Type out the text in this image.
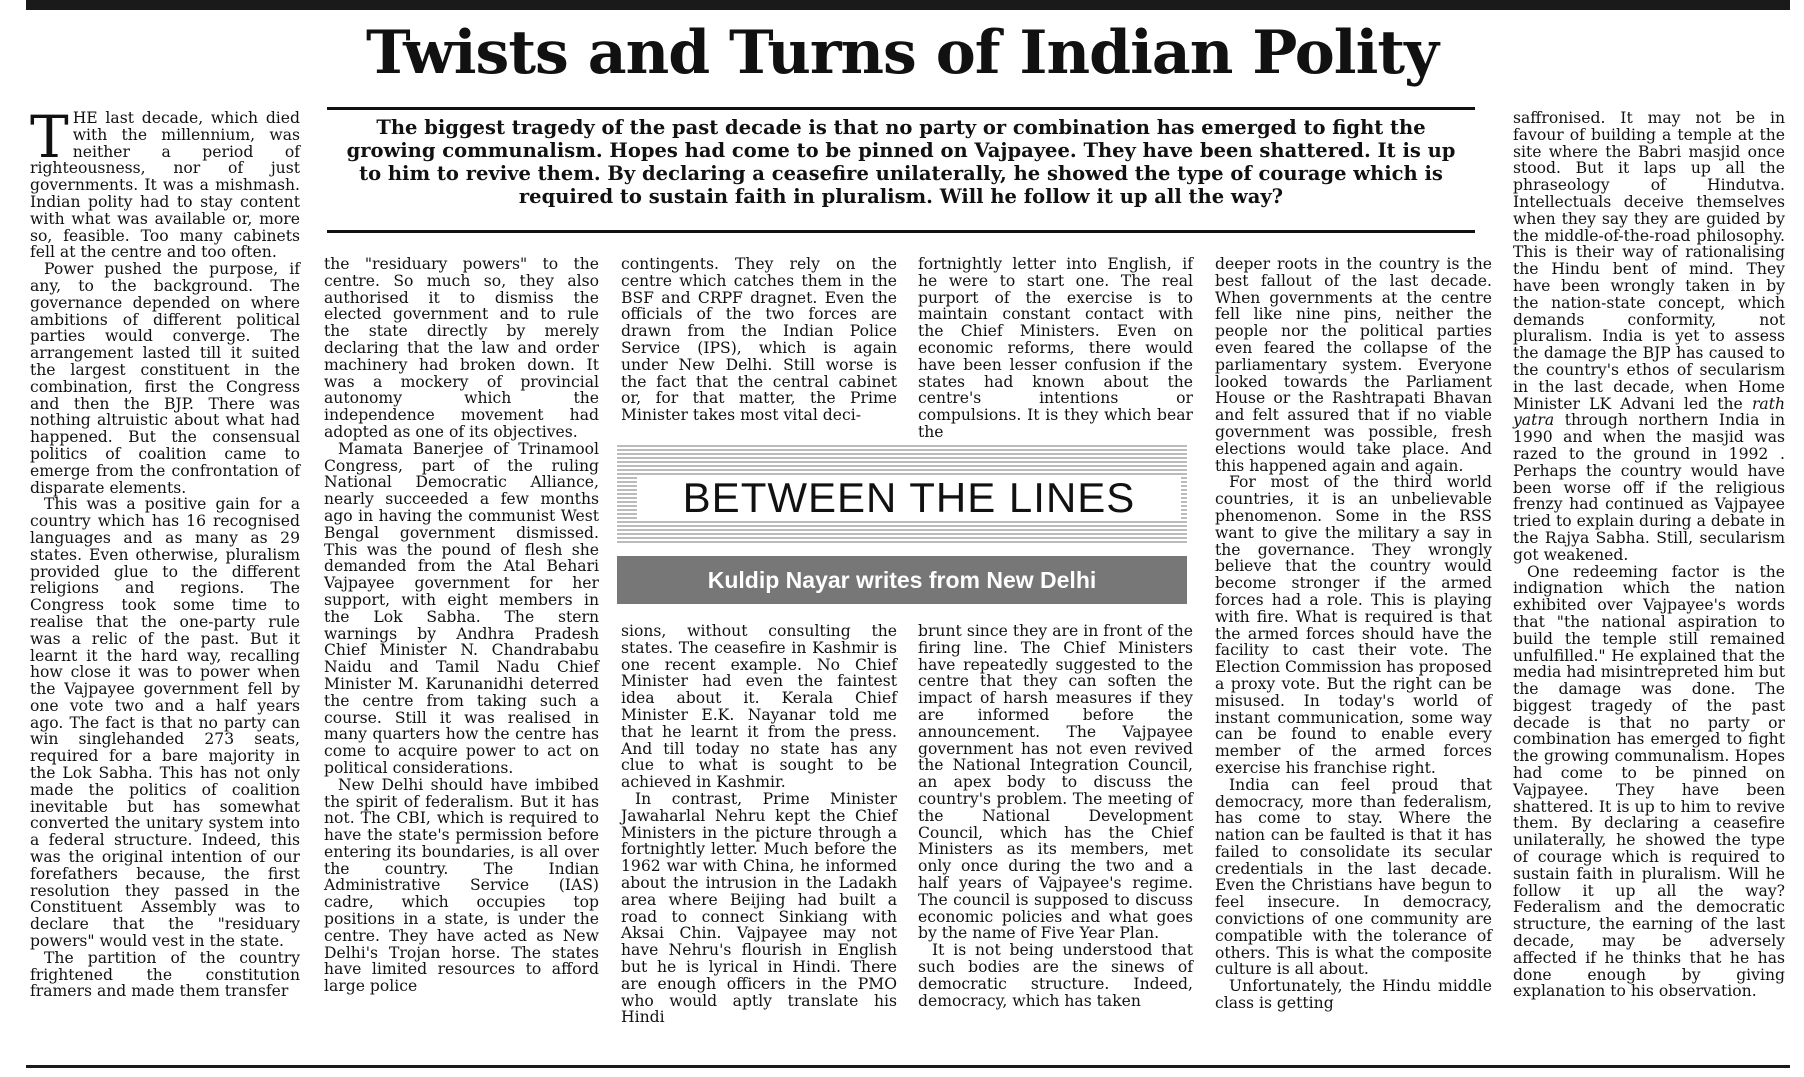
Twists and Turns of Indian Polity

The biggest tragedy of the past decade is that no party or combination has emerged to fight the growing communalism. Hopes had come to be pinned on Vajpayee. They have been shattered. It is up to him to revive them. By declaring a ceasefire unilaterally, he showed the type of courage which is required to sustain faith in pluralism. Will he follow it up all the way?

THE last decade, which died with the millennium, was neither a period of righteousness, nor of just governments. It was a mishmash. Indian polity had to stay content with what was available or, more so, feasible. Too many cabinets fell at the centre and too often.

Power pushed the purpose, if any, to the background. The governance depended on where ambitions of different political parties would converge. The arrangement lasted till it suited the largest constituent in the combination, first the Congress and then the BJP. There was nothing altruistic about what had happened. But the consensual politics of coalition came to emerge from the confrontation of disparate elements.

This was a positive gain for a country which has 16 recognised languages and as many as 29 states. Even otherwise, pluralism provided glue to the different religions and regions. The Congress took some time to realise that the one-party rule was a relic of the past. But it learnt it the hard way, recalling how close it was to power when the Vajpayee government fell by one vote two and a half years ago. The fact is that no party can win singlehanded 273 seats, required for a bare majority in the Lok Sabha. This has not only made the politics of coalition inevitable but has somewhat converted the unitary system into a federal structure. Indeed, this was the original intention of our forefathers because, the first resolution they passed in the Constituent Assembly was to declare that the "residuary powers" would vest in the state.

The partition of the country frightened the constitution framers and made them transfer

the "residuary powers" to the centre. So much so, they also authorised it to dismiss the elected government and to rule the state directly by merely declaring that the law and order machinery had broken down. It was a mockery of provincial autonomy which the independence movement had adopted as one of its objectives.

Mamata Banerjee of Trinamool Congress, part of the ruling National Democratic Alliance, nearly succeeded a few months ago in having the communist West Bengal government dismissed. This was the pound of flesh she demanded from the Atal Behari Vajpayee government for her support, with eight members in the Lok Sabha. The stern warnings by Andhra Pradesh Chief Minister N. Chandrababu Naidu and Tamil Nadu Chief Minister M. Karunanidhi deterred the centre from taking such a course. Still it was realised in many quarters how the centre has come to acquire power to act on political considerations.

New Delhi should have imbibed the spirit of federalism. But it has not. The CBI, which is required to have the state's permission before entering its boundaries, is all over the country. The Indian Administrative Service (IAS) cadre, which occupies top positions in a state, is under the centre. They have acted as New Delhi's Trojan horse. The states have limited resources to afford large police

contingents. They rely on the centre which catches them in the BSF and CRPF dragnet. Even the officials of the two forces are drawn from the Indian Police Service (IPS), which is again under New Delhi. Still worse is the fact that the central cabinet or, for that matter, the Prime Minister takes most vital deci-

fortnightly letter into English, if he were to start one. The real purport of the exercise is to maintain constant contact with the Chief Ministers. Even on economic reforms, there would have been lesser confusion if the states had known about the centre's intentions or compulsions. It is they which bear the

BETWEEN THE LINES
Kuldip Nayar writes from New Delhi

sions, without consulting the states. The ceasefire in Kashmir is one recent example. No Chief Minister had even the faintest idea about it. Kerala Chief Minister E.K. Nayanar told me that he learnt it from the press. And till today no state has any clue to what is sought to be achieved in Kashmir.

In contrast, Prime Minister Jawaharlal Nehru kept the Chief Ministers in the picture through a fortnightly letter. Much before the 1962 war with China, he informed about the intrusion in the Ladakh area where Beijing had built a road to connect Sinkiang with Aksai Chin. Vajpayee may not have Nehru's flourish in English but he is lyrical in Hindi. There are enough officers in the PMO who would aptly translate his Hindi

brunt since they are in front of the firing line. The Chief Ministers have repeatedly suggested to the centre that they can soften the impact of harsh measures if they are informed before the announcement. The Vajpayee government has not even revived the National Integration Council, an apex body to discuss the country's problem. The meeting of the National Development Council, which has the Chief Ministers as its members, met only once during the two and a half years of Vajpayee's regime. The council is supposed to discuss economic policies and what goes by the name of Five Year Plan.

It is not being understood that such bodies are the sinews of democratic structure. Indeed, democracy, which has taken

deeper roots in the country is the best fallout of the last decade. When governments at the centre fell like nine pins, neither the people nor the political parties even feared the collapse of the parliamentary system. Everyone looked towards the Parliament House or the Rashtrapati Bhavan and felt assured that if no viable government was possible, fresh elections would take place. And this happened again and again.

For most of the third world countries, it is an unbelievable phenomenon. Some in the RSS want to give the military a say in the governance. They wrongly believe that the country would become stronger if the armed forces had a role. This is playing with fire. What is required is that the armed forces should have the facility to cast their vote. The Election Commission has proposed a proxy vote. But the right can be misused. In today's world of instant communication, some way can be found to enable every member of the armed forces exercise his franchise right.

India can feel proud that democracy, more than federalism, has come to stay. Where the nation can be faulted is that it has failed to consolidate its secular credentials in the last decade. Even the Christians have begun to feel insecure. In democracy, convictions of one community are compatible with the tolerance of others. This is what the composite culture is all about.

Unfortunately, the Hindu middle class is getting

saffronised. It may not be in favour of building a temple at the site where the Babri masjid once stood. But it laps up all the phraseology of Hindutva. Intellectuals deceive themselves when they say they are guided by the middle-of-the-road philosophy. This is their way of rationalising the Hindu bent of mind. They have been wrongly taken in by the nation-state concept, which demands conformity, not pluralism. India is yet to assess the damage the BJP has caused to the country's ethos of secularism in the last decade, when Home Minister LK Advani led the rath yatra through northern India in 1990 and when the masjid was razed to the ground in 1992 . Perhaps the country would have been worse off if the religious frenzy had continued as Vajpayee tried to explain during a debate in the Rajya Sabha. Still, secularism got weakened.

One redeeming factor is the indignation which the nation exhibited over Vajpayee's words that "the national aspiration to build the temple still remained unfulfilled." He explained that the media had misintrepreted him but the damage was done. The biggest tragedy of the past decade is that no party or combination has emerged to fight the growing communalism. Hopes had come to be pinned on Vajpayee. They have been shattered. It is up to him to revive them. By declaring a ceasefire unilaterally, he showed the type of courage which is required to sustain faith in pluralism. Will he follow it up all the way? Federalism and the democratic structure, the earning of the last decade, may be adversely affected if he thinks that he has done enough by giving explanation to his observation.
